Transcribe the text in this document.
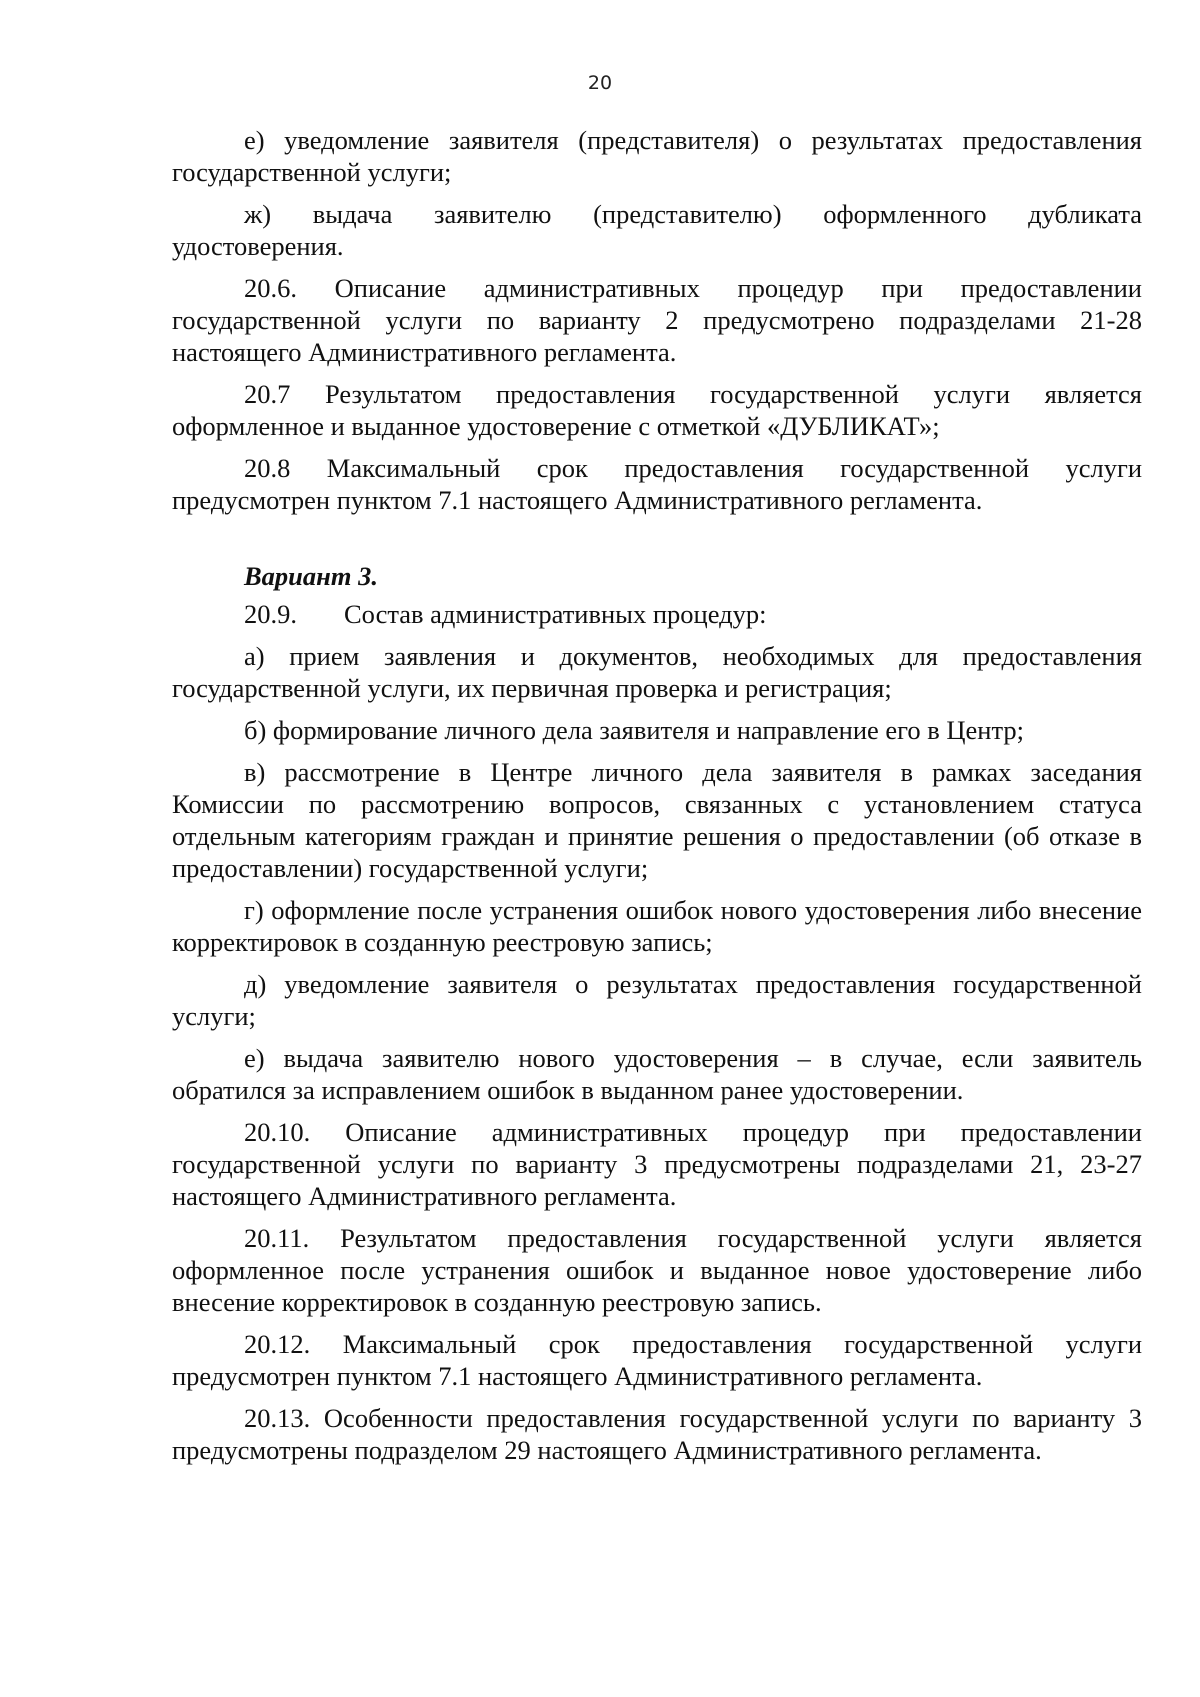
20

е) уведомление заявителя (представителя) о результатах предоставления государственной услуги;

ж) выдача заявителю (представителю) оформленного дубликата удостоверения.

20.6. Описание административных процедур при предоставлении государственной услуги по варианту 2 предусмотрено подразделами 21-28 настоящего Административного регламента.

20.7 Результатом предоставления государственной услуги является оформленное и выданное удостоверение с отметкой «ДУБЛИКАТ»;

20.8 Максимальный срок предоставления государственной услуги предусмотрен пунктом 7.1 настоящего Административного регламента.

Вариант 3.
20.9.	Состав административных процедур:

а) прием заявления и документов, необходимых для предоставления государственной услуги, их первичная проверка и регистрация;

б) формирование личного дела заявителя и направление его в Центр;

в) рассмотрение в Центре личного дела заявителя в рамках заседания Комиссии по рассмотрению вопросов, связанных с установлением статуса отдельным категориям граждан и принятие решения о предоставлении (об отказе в предоставлении) государственной услуги;

г) оформление после устранения ошибок нового удостоверения либо внесение корректировок в созданную реестровую запись;

д) уведомление заявителя о результатах предоставления государственной услуги;

е) выдача заявителю нового удостоверения – в случае, если заявитель обратился за исправлением ошибок в выданном ранее удостоверении.

20.10. Описание административных процедур при предоставлении государственной услуги по варианту 3 предусмотрены подразделами 21, 23-27 настоящего Административного регламента.

20.11. Результатом предоставления государственной услуги является оформленное после устранения ошибок и выданное новое удостоверение либо внесение корректировок в созданную реестровую запись.

20.12. Максимальный срок предоставления государственной услуги предусмотрен пунктом 7.1 настоящего Административного регламента.

20.13. Особенности предоставления государственной услуги по варианту 3 предусмотрены подразделом 29 настоящего Административного регламента.
